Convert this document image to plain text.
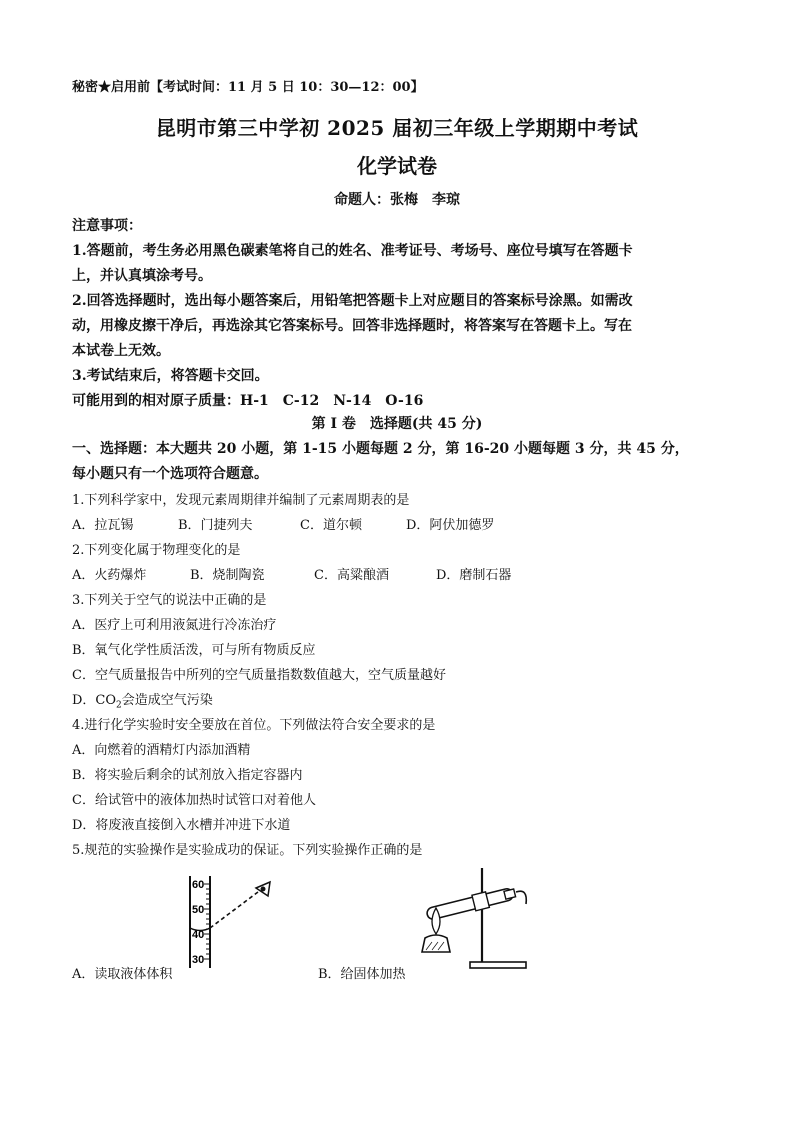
秘密★启用前【考试时间：11 月 5 日 10：30—12：00】
昆明市第三中学初 2025 届初三年级上学期期中考试
化学试卷
命题人：张梅　李琼
注意事项：
1.答题前，考生务必用黑色碳素笔将自己的姓名、准考证号、考场号、座位号填写在答题卡
上，并认真填涂考号。
2.回答选择题时，选出每小题答案后，用铅笔把答题卡上对应题目的答案标号涂黑。如需改
动，用橡皮擦干净后，再选涂其它答案标号。回答非选择题时，将答案写在答题卡上。写在
本试卷上无效。
3.考试结束后，将答题卡交回。
可能用到的相对原子质量：H-1　C-12　N-14　O-16
第 I 卷　选择题(共 45 分)
一、选择题：本大题共 20 小题，第 1-15 小题每题 2 分，第 16-20 小题每题 3 分，共 45 分，
每小题只有一个选项符合题意。
1.下列科学家中，发现元素周期律并编制了元素周期表的是
A．拉瓦锡	B．门捷列夫	C．道尔顿	D．阿伏加德罗
2.下列变化属于物理变化的是
A．火药爆炸	B．烧制陶瓷	C．高粱酿酒	D．磨制石器
3.下列关于空气的说法中正确的是
A．医疗上可利用液氮进行冷冻治疗
B．氧气化学性质活泼，可与所有物质反应
C．空气质量报告中所列的空气质量指数数值越大，空气质量越好
D．$CO_2$会造成空气污染
4.进行化学实验时安全要放在首位。下列做法符合安全要求的是
A．向燃着的酒精灯内添加酒精
B．将实验后剩余的试剂放入指定容器内
C．给试管中的液体加热时试管口对着他人
D．将废液直接倒入水槽并冲进下水道
5.规范的实验操作是实验成功的保证。下列实验操作正确的是
60
50
40
30
A．读取液体体积	B．给固体加热
